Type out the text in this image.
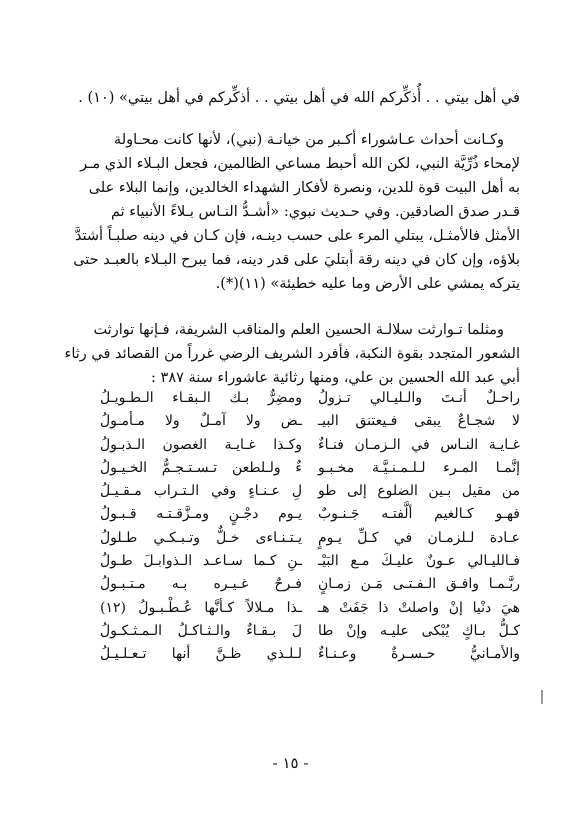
في أهل بيتي . . أُذكِّركم الله في أهل بيتي . . أذكِّركم في أهل بيتي» (١٠) .
وكـانت أحداث عـاشوراء أكـبر من خيانـة (نبي)، لأنها كانت محـاولة
لإمحاء ذُرِّيَّة النبي، لكن الله أحبط مساعي الظالمين، فجعل البـلاء الذي مـر
به أهل البيت قوة للدين، ونصرة لأفكار الشهداء الخالدين، وإنما البلاء على
قـدر صدق الصادقين. وفي حـديث نبوي: «أشـدُّ النـاس بـلاءً الأنبياء ثم
الأمثل فالأمثـل، يبتلي المرء على حسب دينـه، فإن كـان في دينه صلبـاً أشتدَّ
بلاؤه، وإن كان في دينه رقة أبتليَ على قدر دينه، فما يبرح البـلاء بالعبـد حتى
يتركه يمشي على الأرض وما عليه خطيئة» (١١)(*).
ومثلما تـوارثت سلالـة الحسين العلم والمناقب الشريفة، فـإنها توارثت
الشعور المتجدد بقوة النكبة، فأفرد الشريف الرضي غرراً من القصائد في رثاء
أبي عبد الله الحسين بن علي، ومنها رثائية عاشوراء سنة ٣٨٧ :
راحـلٌ أنـتَ والـليـالي تـزولُ
ومضِرٌّ بـك الـبقـاء الـطـويـلُ
لا شجـاعٌ يبقى فـيعتنق البيـ
ـض ولا آمـلٌ ولا مـأمـولُ
غـايـة النـاس في الـزمـان فنـاءٌ
وكـذا غـايـة الغصون الـذبـولُ
إنَّمـا المـرء لـلـمـنـيَّـة مخـبـو
ءٌ ولـلطعن تـسـتـجـمُّ الخـيـولُ
من مقيل بـين الضلوع إلى طو
لِ عـنـاءٍ وفي الـتـراب مـقـيـلُ
فهـو كـالغيم ألَّفتـه جَـنـوبٌ
يـوم دجْـنٍ ومـزَّقـتـه قـبـولُ
عـادة لـلزمـان في كـلِّ يـومٍ
يـتـنـاءى خـلٌّ وتـبـكـي طـلولُ
فـالليـالي عـونٌ عليـكَ مـع البَيْـ
ـنِ كـما سـاعـد الـذوابـلَ طـولُ
ربَّـمـا وافـق الـفـتـى مَـن زمـانٍ
فـرحٌ غـيـره بـه مـتـبـولُ
هيَ دنْيا إنْ واصلتْ ذا جَفَتْ هـ
ـذا مـلالاً كـأنَّها عُـطْـبـولُ (١٢)
كـلُّ بـاكٍ يُبْكى عليـه وإنْ طا
لَ بـقـاءٌ والـثـاكـلُ الـمـثـكـولُ
والأمـانيُّ حـسـرةٌ وعـنـاءٌ
لـلـذي ظـنَّ أنها تـعـلـيـلُ
- ١٥ -
